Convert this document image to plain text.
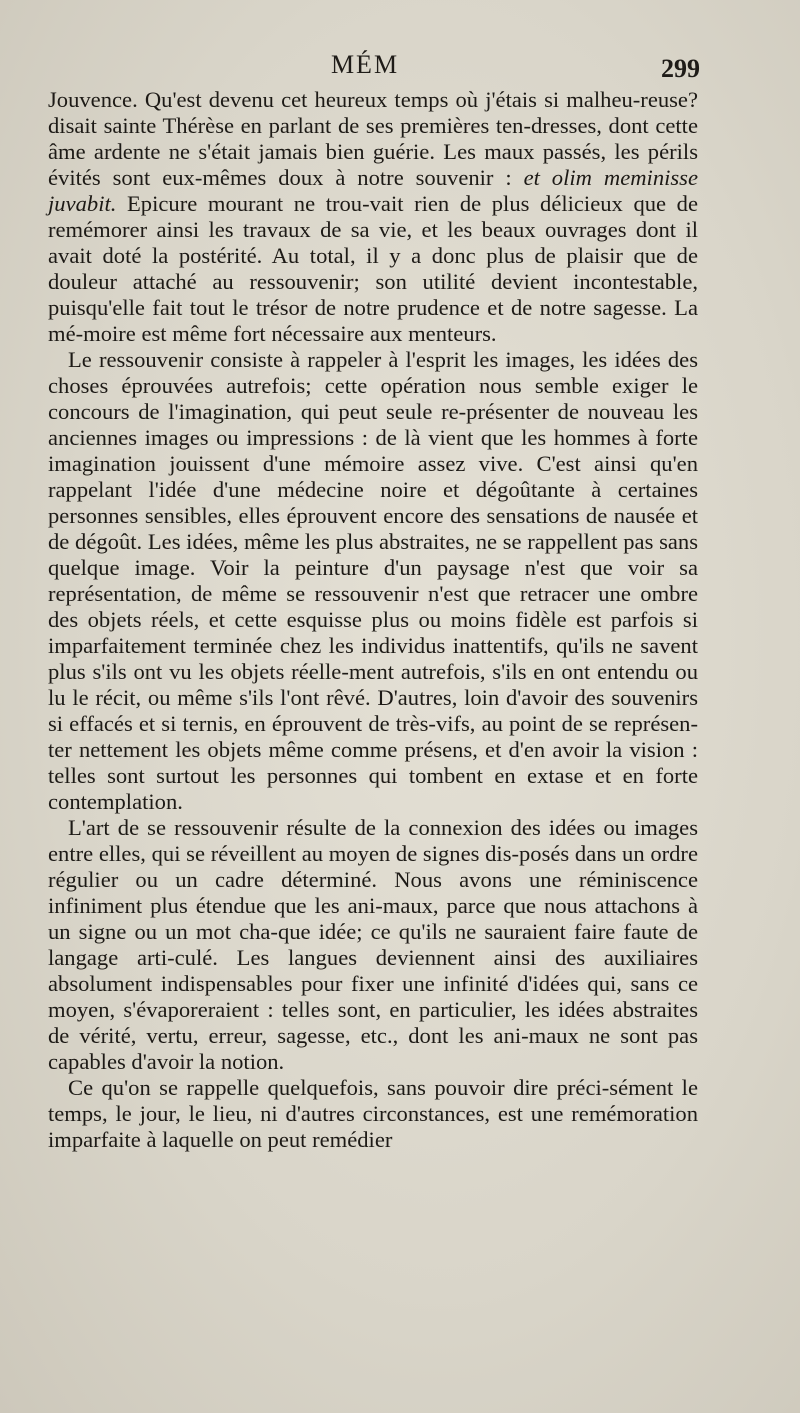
MÉM	299

Jouvence. Qu'est devenu cet heureux temps où j'étais si malheu-reuse? disait sainte Thérèse en parlant de ses premières ten-dresses, dont cette âme ardente ne s'était jamais bien guérie. Les maux passés, les périls évités sont eux-mêmes doux à notre souvenir : et olim meminisse juvabit. Epicure mourant ne trou-vait rien de plus délicieux que de remémorer ainsi les travaux de sa vie, et les beaux ouvrages dont il avait doté la postérité. Au total, il y a donc plus de plaisir que de douleur attaché au ressouvenir; son utilité devient incontestable, puisqu'elle fait tout le trésor de notre prudence et de notre sagesse. La mé-moire est même fort nécessaire aux menteurs.

Le ressouvenir consiste à rappeler à l'esprit les images, les idées des choses éprouvées autrefois; cette opération nous semble exiger le concours de l'imagination, qui peut seule re-présenter de nouveau les anciennes images ou impressions : de là vient que les hommes à forte imagination jouissent d'une mémoire assez vive. C'est ainsi qu'en rappelant l'idée d'une médecine noire et dégoûtante à certaines personnes sensibles, elles éprouvent encore des sensations de nausée et de dégoût. Les idées, même les plus abstraites, ne se rappellent pas sans quelque image. Voir la peinture d'un paysage n'est que voir sa représentation, de même se ressouvenir n'est que retracer une ombre des objets réels, et cette esquisse plus ou moins fidèle est parfois si imparfaitement terminée chez les individus inattentifs, qu'ils ne savent plus s'ils ont vu les objets réelle-ment autrefois, s'ils en ont entendu ou lu le récit, ou même s'ils l'ont rêvé. D'autres, loin d'avoir des souvenirs si effacés et si ternis, en éprouvent de très-vifs, au point de se représen-ter nettement les objets même comme présens, et d'en avoir la vision : telles sont surtout les personnes qui tombent en extase et en forte contemplation.

L'art de se ressouvenir résulte de la connexion des idées ou images entre elles, qui se réveillent au moyen de signes dis-posés dans un ordre régulier ou un cadre déterminé. Nous avons une réminiscence infiniment plus étendue que les ani-maux, parce que nous attachons à un signe ou un mot cha-que idée; ce qu'ils ne sauraient faire faute de langage arti-culé. Les langues deviennent ainsi des auxiliaires absolument indispensables pour fixer une infinité d'idées qui, sans ce moyen, s'évaporeraient : telles sont, en particulier, les idées abstraites de vérité, vertu, erreur, sagesse, etc., dont les ani-maux ne sont pas capables d'avoir la notion.

Ce qu'on se rappelle quelquefois, sans pouvoir dire préci-sément le temps, le jour, le lieu, ni d'autres circonstances, est une remémoration imparfaite à laquelle on peut remédier
